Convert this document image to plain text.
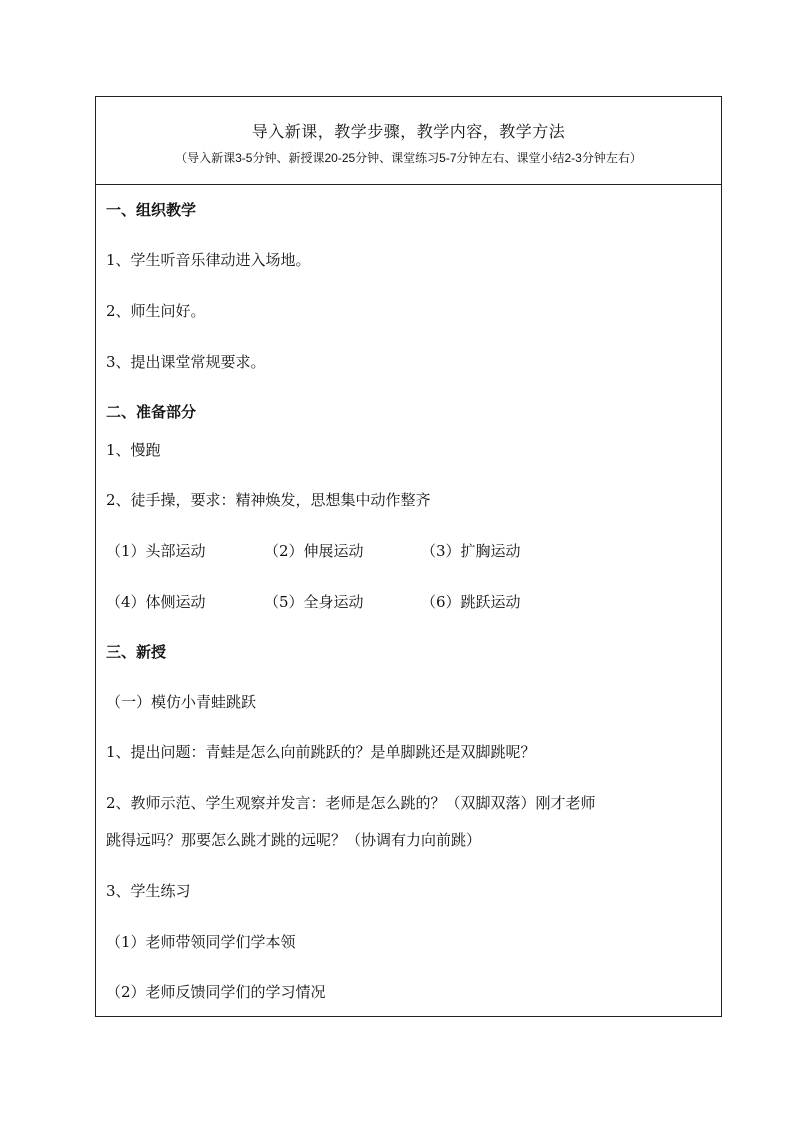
导入新课，教学步骤，教学内容，教学方法
（导入新课3-5分钟、新授课20-25分钟、课堂练习5-7分钟左右、课堂小结2-3分钟左右）
一、组织教学
1、学生听音乐律动进入场地。
2、师生问好。
3、提出课堂常规要求。
二、准备部分
1、慢跑
2、徒手操，要求：精神焕发，思想集中动作整齐
（1）头部运动	（2）伸展运动	（3）扩胸运动
（4）体侧运动	（5）全身运动	（6）跳跃运动
三、新授
（一）模仿小青蛙跳跃
1、提出问题：青蛙是怎么向前跳跃的？是单脚跳还是双脚跳呢？
2、教师示范、学生观察并发言：老师是怎么跳的？（双脚双落）刚才老师
跳得远吗？那要怎么跳才跳的远呢？（协调有力向前跳）
3、学生练习
（1）老师带领同学们学本领
（2）老师反馈同学们的学习情况
